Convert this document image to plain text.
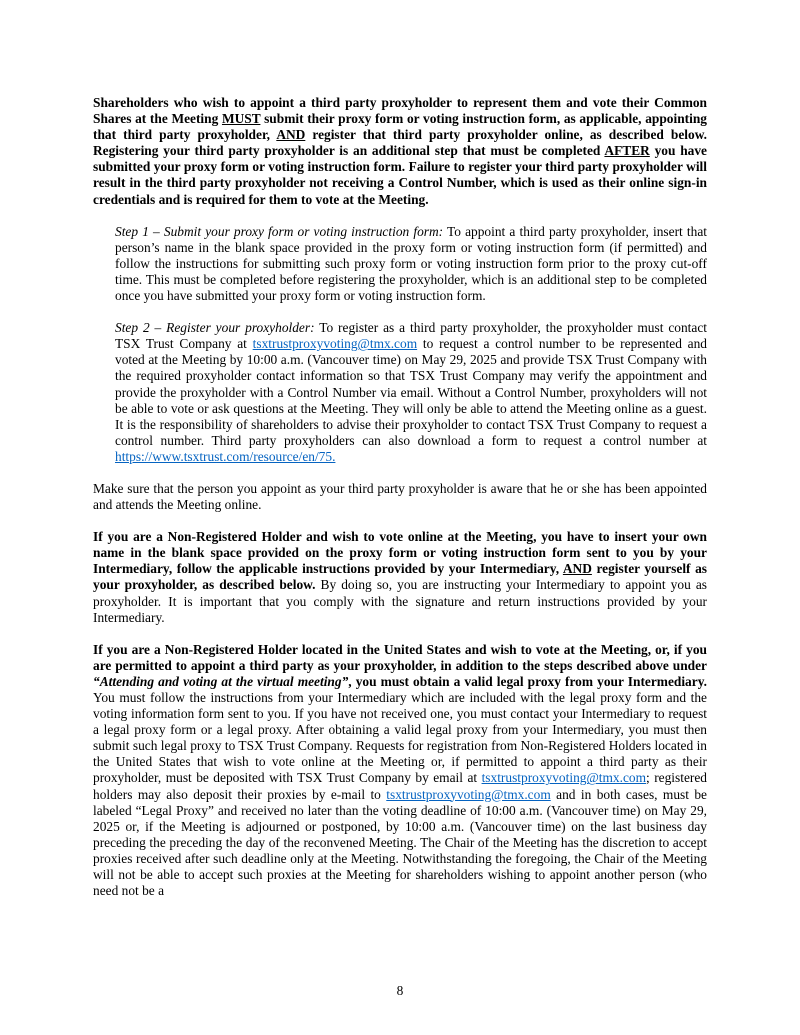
Shareholders who wish to appoint a third party proxyholder to represent them and vote their Common Shares at the Meeting MUST submit their proxy form or voting instruction form, as applicable, appointing that third party proxyholder, AND register that third party proxyholder online, as described below. Registering your third party proxyholder is an additional step that must be completed AFTER you have submitted your proxy form or voting instruction form. Failure to register your third party proxyholder will result in the third party proxyholder not receiving a Control Number, which is used as their online sign-in credentials and is required for them to vote at the Meeting.

Step 1 – Submit your proxy form or voting instruction form: To appoint a third party proxyholder, insert that person’s name in the blank space provided in the proxy form or voting instruction form (if permitted) and follow the instructions for submitting such proxy form or voting instruction form prior to the proxy cut-off time. This must be completed before registering the proxyholder, which is an additional step to be completed once you have submitted your proxy form or voting instruction form.

Step 2 – Register your proxyholder: To register as a third party proxyholder, the proxyholder must contact TSX Trust Company at tsxtrustproxyvoting@tmx.com to request a control number to be represented and voted at the Meeting by 10:00 a.m. (Vancouver time) on May 29, 2025 and provide TSX Trust Company with the required proxyholder contact information so that TSX Trust Company may verify the appointment and provide the proxyholder with a Control Number via email. Without a Control Number, proxyholders will not be able to vote or ask questions at the Meeting. They will only be able to attend the Meeting online as a guest. It is the responsibility of shareholders to advise their proxyholder to contact TSX Trust Company to request a control number. Third party proxyholders can also download a form to request a control number at https://www.tsxtrust.com/resource/en/75.

Make sure that the person you appoint as your third party proxyholder is aware that he or she has been appointed and attends the Meeting online.

If you are a Non-Registered Holder and wish to vote online at the Meeting, you have to insert your own name in the blank space provided on the proxy form or voting instruction form sent to you by your Intermediary, follow the applicable instructions provided by your Intermediary, AND register yourself as your proxyholder, as described below. By doing so, you are instructing your Intermediary to appoint you as proxyholder. It is important that you comply with the signature and return instructions provided by your Intermediary.

If you are a Non-Registered Holder located in the United States and wish to vote at the Meeting, or, if you are permitted to appoint a third party as your proxyholder, in addition to the steps described above under “Attending and voting at the virtual meeting”, you must obtain a valid legal proxy from your Intermediary. You must follow the instructions from your Intermediary which are included with the legal proxy form and the voting information form sent to you. If you have not received one, you must contact your Intermediary to request a legal proxy form or a legal proxy. After obtaining a valid legal proxy from your Intermediary, you must then submit such legal proxy to TSX Trust Company. Requests for registration from Non-Registered Holders located in the United States that wish to vote online at the Meeting or, if permitted to appoint a third party as their proxyholder, must be deposited with TSX Trust Company by email at tsxtrustproxyvoting@tmx.com; registered holders may also deposit their proxies by e-mail to tsxtrustproxyvoting@tmx.com and in both cases, must be labeled “Legal Proxy” and received no later than the voting deadline of 10:00 a.m. (Vancouver time) on May 29, 2025 or, if the Meeting is adjourned or postponed, by 10:00 a.m. (Vancouver time) on the last business day preceding the preceding the day of the reconvened Meeting. The Chair of the Meeting has the discretion to accept proxies received after such deadline only at the Meeting. Notwithstanding the foregoing, the Chair of the Meeting will not be able to accept such proxies at the Meeting for shareholders wishing to appoint another person (who need not be a

8
